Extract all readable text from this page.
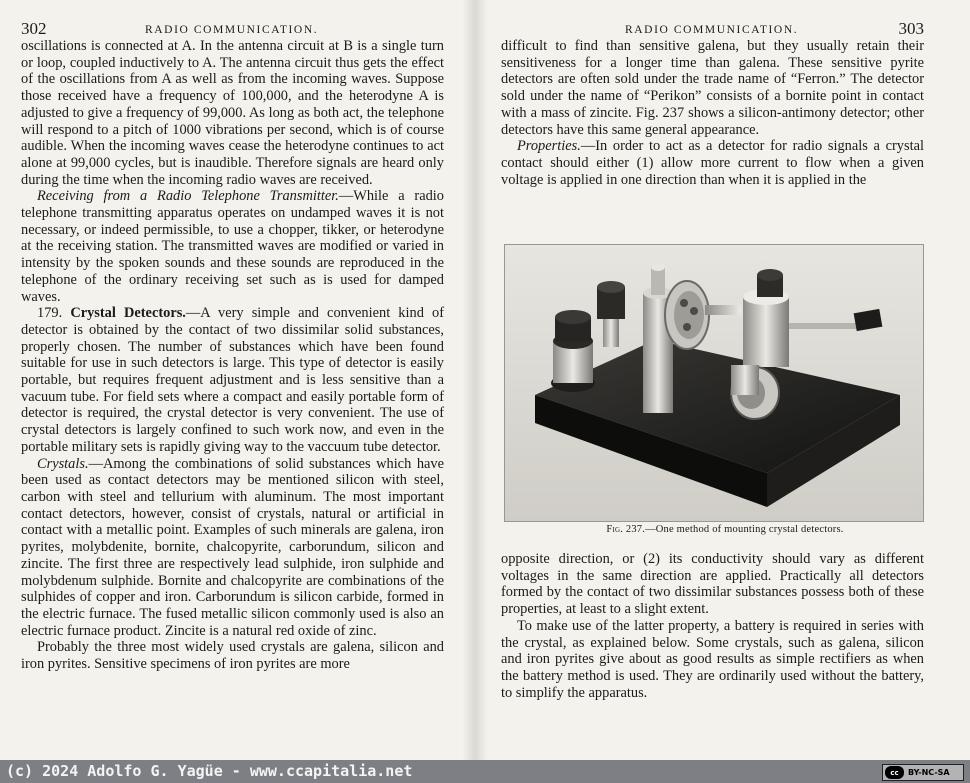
302	RADIO COMMUNICATION.

oscillations is connected at A. In the antenna circuit at B is a single turn or loop, coupled inductively to A. The antenna circuit thus gets the effect of the oscillations from A as well as from the incoming waves. Suppose those received have a frequency of 100,000, and the heterodyne A is adjusted to give a frequency of 99,000. As long as both act, the telephone will respond to a pitch of 1000 vibrations per second, which is of course audible. When the incoming waves cease the heterodyne continues to act alone at 99,000 cycles, but is inaudible. Therefore signals are heard only during the time when the incoming radio waves are received.

Receiving from a Radio Telephone Transmitter.—While a radio telephone transmitting apparatus operates on undamped waves it is not necessary, or indeed permissible, to use a chopper, tikker, or heterodyne at the receiving station. The transmitted waves are modified or varied in intensity by the spoken sounds and these sounds are reproduced in the telephone of the ordinary receiving set such as is used for damped waves.

179. Crystal Detectors.—A very simple and convenient kind of detector is obtained by the contact of two dissimilar solid substances, properly chosen. The number of substances which have been found suitable for use in such detectors is large. This type of detector is easily portable, but requires frequent adjustment and is less sensitive than a vacuum tube. For field sets where a compact and easily portable form of detector is required, the crystal detector is very convenient. The use of crystal detectors is largely confined to such work now, and even in the portable military sets is rapidly giving way to the vaccuum tube detector.

Crystals.—Among the combinations of solid substances which have been used as contact detectors may be mentioned silicon with steel, carbon with steel and tellurium with aluminum. The most important contact detectors, however, consist of crystals, natural or artificial in contact with a metallic point. Examples of such minerals are galena, iron pyrites, molybdenite, bornite, chalcopyrite, carborundum, silicon and zincite. The first three are respectively lead sulphide, iron sulphide and molybdenum sulphide. Bornite and chalcopyrite are combinations of the sulphides of copper and iron. Carborundum is silicon carbide, formed in the electric furnace. The fused metallic silicon commonly used is also an electric furnace product. Zincite is a natural red oxide of zinc.

Probably the three most widely used crystals are galena, silicon and iron pyrites. Sensitive specimens of iron pyrites are more

RADIO COMMUNICATION.	303

difficult to find than sensitive galena, but they usually retain their sensitiveness for a longer time than galena. These sensitive pyrite detectors are often sold under the trade name of “Ferron.” The detector sold under the name of “Perikon” consists of a bornite point in contact with a mass of zincite. Fig. 237 shows a silicon-antimony detector; other detectors have this same general appearance.

Properties.—In order to act as a detector for radio signals a crystal contact should either (1) allow more current to flow when a given voltage is applied in one direction than when it is applied in the

opposite direction, or (2) its conductivity should vary as different voltages in the same direction are applied. Practically all detectors formed by the contact of two dissimilar substances possess both of these properties, at least to a slight extent.

To make use of the latter property, a battery is required in series with the crystal, as explained below. Some crystals, such as galena, silicon and iron pyrites give about as good results as simple rectifiers as when the battery method is used. They are ordinarily used without the battery, to simplify the apparatus.

Fig. 237.—One method of mounting crystal detectors.
(c) 2024 Adolfo G. Yagüe - www.ccapitalia.net	cc	BY-NC-SA
